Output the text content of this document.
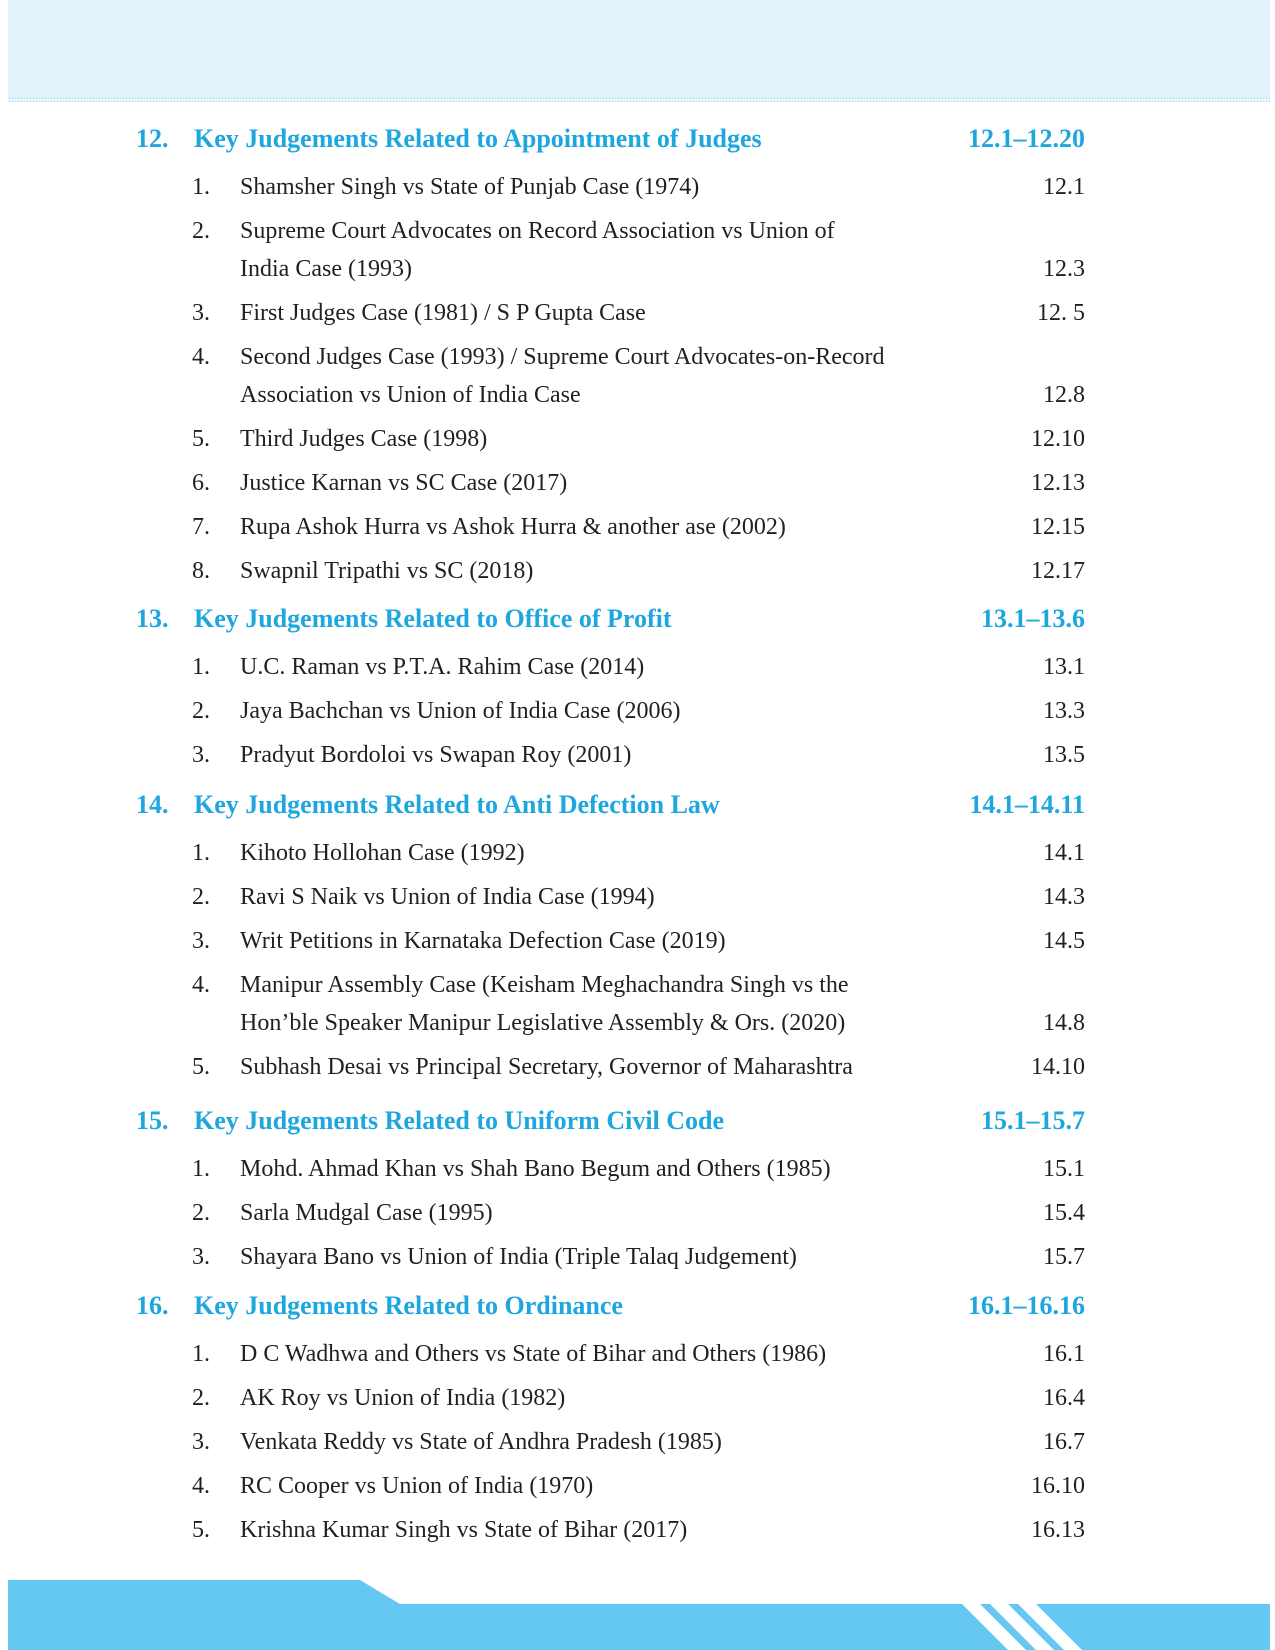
12. Key Judgements Related to Appointment of Judges	12.1–12.20
1. Shamsher Singh vs State of Punjab Case (1974)	12.1
2. Supreme Court Advocates on Record Association vs Union of
India Case (1993)	12.3
3. First Judges Case (1981) / S P Gupta Case	12. 5
4. Second Judges Case (1993) / Supreme Court Advocates-on-Record
Association vs Union of India Case	12.8
5. Third Judges Case (1998)	12.10
6. Justice Karnan vs SC Case (2017)	12.13
7. Rupa Ashok Hurra vs Ashok Hurra & another ase (2002)	12.15
8. Swapnil Tripathi vs SC (2018)	12.17
13. Key Judgements Related to Office of Profit	13.1–13.6
1. U.C. Raman vs P.T.A. Rahim Case (2014)	13.1
2. Jaya Bachchan vs Union of India Case (2006)	13.3
3. Pradyut Bordoloi vs Swapan Roy (2001)	13.5
14. Key Judgements Related to Anti Defection Law	14.1–14.11
1. Kihoto Hollohan Case (1992)	14.1
2. Ravi S Naik vs Union of India Case (1994)	14.3
3. Writ Petitions in Karnataka Defection Case (2019)	14.5
4. Manipur Assembly Case (Keisham Meghachandra Singh vs the
Hon’ble Speaker Manipur Legislative Assembly & Ors. (2020)	14.8
5. Subhash Desai vs Principal Secretary, Governor of Maharashtra	14.10
15. Key Judgements Related to Uniform Civil Code	15.1–15.7
1. Mohd. Ahmad Khan vs Shah Bano Begum and Others (1985)	15.1
2. Sarla Mudgal Case (1995)	15.4
3. Shayara Bano vs Union of India (Triple Talaq Judgement)	15.7
16. Key Judgements Related to Ordinance	16.1–16.16
1. D C Wadhwa and Others vs State of Bihar and Others (1986)	16.1
2. AK Roy vs Union of India (1982)	16.4
3. Venkata Reddy vs State of Andhra Pradesh (1985)	16.7
4. RC Cooper vs Union of India (1970)	16.10
5. Krishna Kumar Singh vs State of Bihar (2017)	16.13
